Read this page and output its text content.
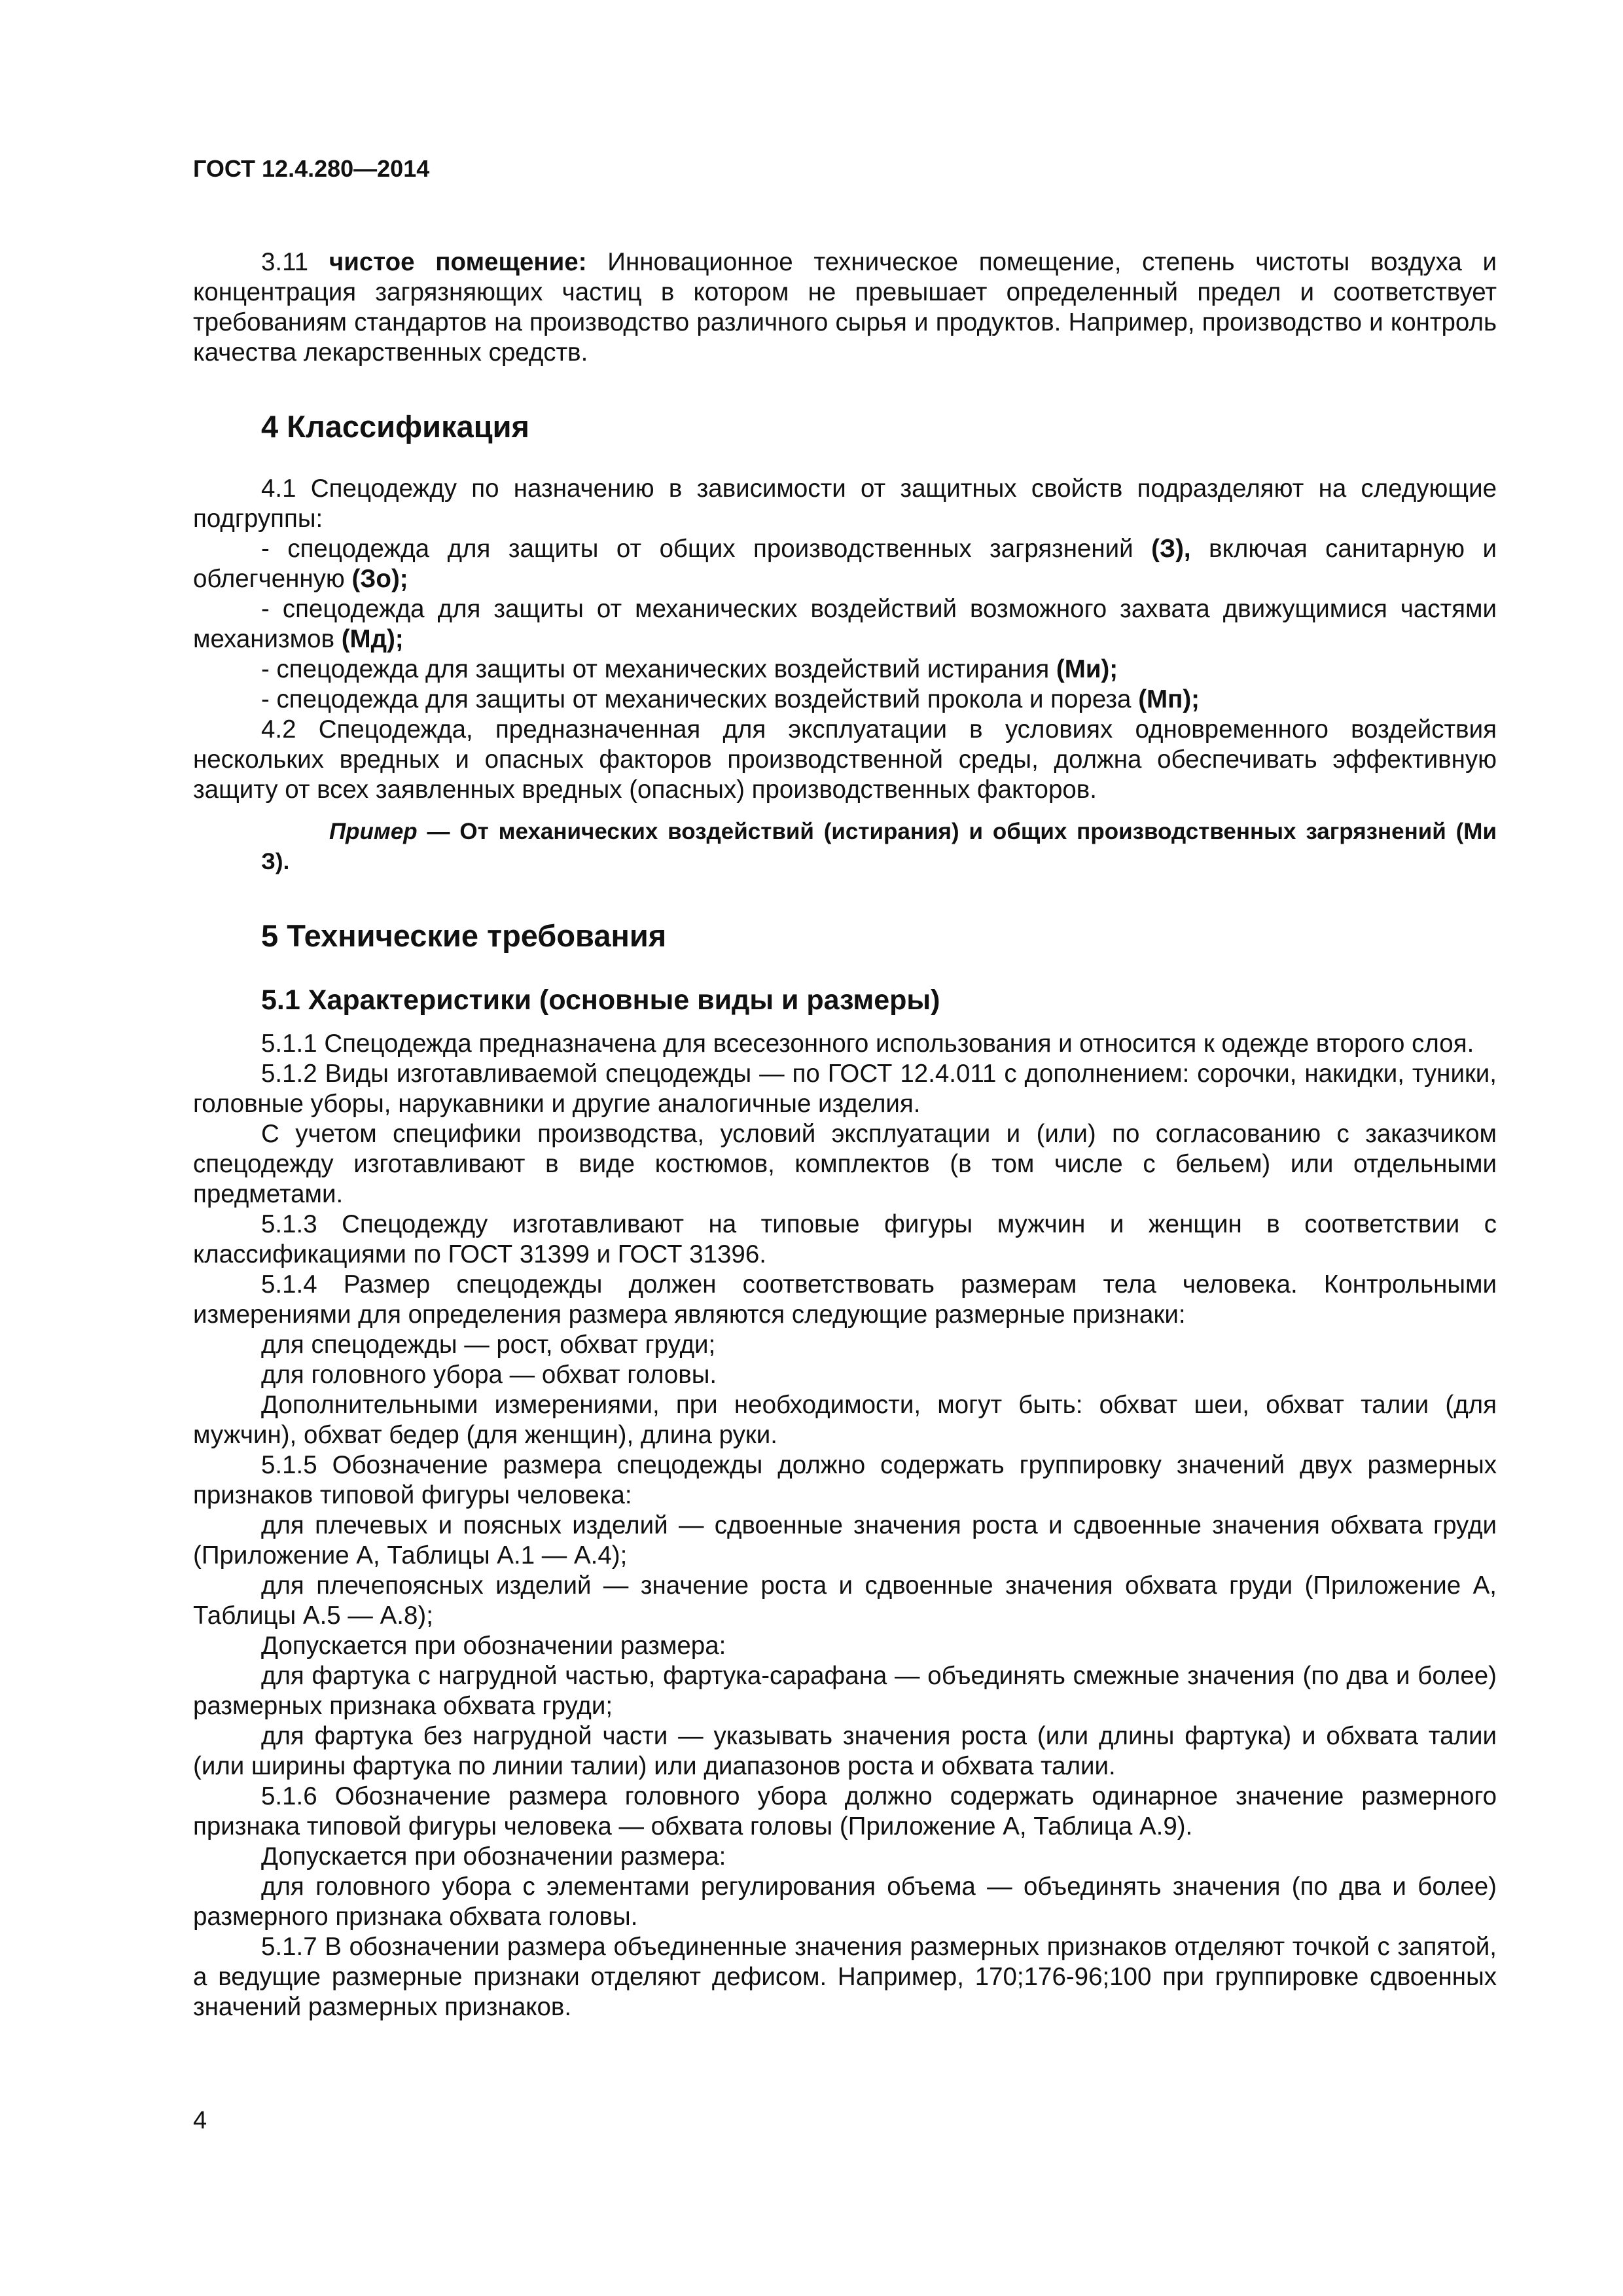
ГОСТ 12.4.280—2014

3.11 чистое помещение: Инновационное техническое помещение, степень чистоты воздуха и концентрация загрязняющих частиц в котором не превышает определенный предел и соответствует требованиям стандартов на производство различного сырья и продуктов. Например, производство и контроль качества лекарственных средств.

4 Классификация

4.1 Спецодежду по назначению в зависимости от защитных свойств подразделяют на следующие подгруппы:

- спецодежда для защиты от общих производственных загрязнений (З), включая санитарную и облегченную (Зо);

- спецодежда для защиты от механических воздействий возможного захвата движущимися частями механизмов (Мд);

- спецодежда для защиты от механических воздействий истирания (Ми);

- спецодежда для защиты от механических воздействий прокола и пореза (Мп);

4.2 Спецодежда, предназначенная для эксплуатации в условиях одновременного воздействия нескольких вредных и опасных факторов производственной среды, должна обеспечивать эффективную защиту от всех заявленных вредных (опасных) производственных факторов.

Пример — От механических воздействий (истирания) и общих производственных загрязнений (Ми З).

5 Технические требования
5.1 Характеристики (основные виды и размеры)

5.1.1 Спецодежда предназначена для всесезонного использования и относится к одежде второго слоя.

5.1.2 Виды изготавливаемой спецодежды — по ГОСТ 12.4.011 с дополнением: сорочки, накидки, туники, головные уборы, нарукавники и другие аналогичные изделия.

С учетом специфики производства, условий эксплуатации и (или) по согласованию с заказчиком спецодежду изготавливают в виде костюмов, комплектов (в том числе с бельем) или отдельными предметами.

5.1.3 Спецодежду изготавливают на типовые фигуры мужчин и женщин в соответствии с классификациями по ГОСТ 31399 и ГОСТ 31396.

5.1.4 Размер спецодежды должен соответствовать размерам тела человека. Контрольными измерениями для определения размера являются следующие размерные признаки:

для спецодежды — рост, обхват груди;

для головного убора — обхват головы.

Дополнительными измерениями, при необходимости, могут быть: обхват шеи, обхват талии (для мужчин), обхват бедер (для женщин), длина руки.

5.1.5 Обозначение размера спецодежды должно содержать группировку значений двух размерных признаков типовой фигуры человека:

для плечевых и поясных изделий — сдвоенные значения роста и сдвоенные значения обхвата груди (Приложение А, Таблицы А.1 — А.4);

для плечепоясных изделий — значение роста и сдвоенные значения обхвата груди (Приложение А, Таблицы А.5 — А.8);

Допускается при обозначении размера:

для фартука с нагрудной частью, фартука-сарафана — объединять смежные значения (по два и более) размерных признака обхвата груди;

для фартука без нагрудной части — указывать значения роста (или длины фартука) и обхвата талии (или ширины фартука по линии талии) или диапазонов роста и обхвата талии.

5.1.6 Обозначение размера головного убора должно содержать одинарное значение размерного признака типовой фигуры человека — обхвата головы (Приложение А, Таблица А.9).

Допускается при обозначении размера:

для головного убора с элементами регулирования объема — объединять значения (по два и более) размерного признака обхвата головы.

5.1.7 В обозначении размера объединенные значения размерных признаков отделяют точкой с запятой, а ведущие размерные признаки отделяют дефисом. Например, 170;176-96;100 при группировке сдвоенных значений размерных признаков.

4
